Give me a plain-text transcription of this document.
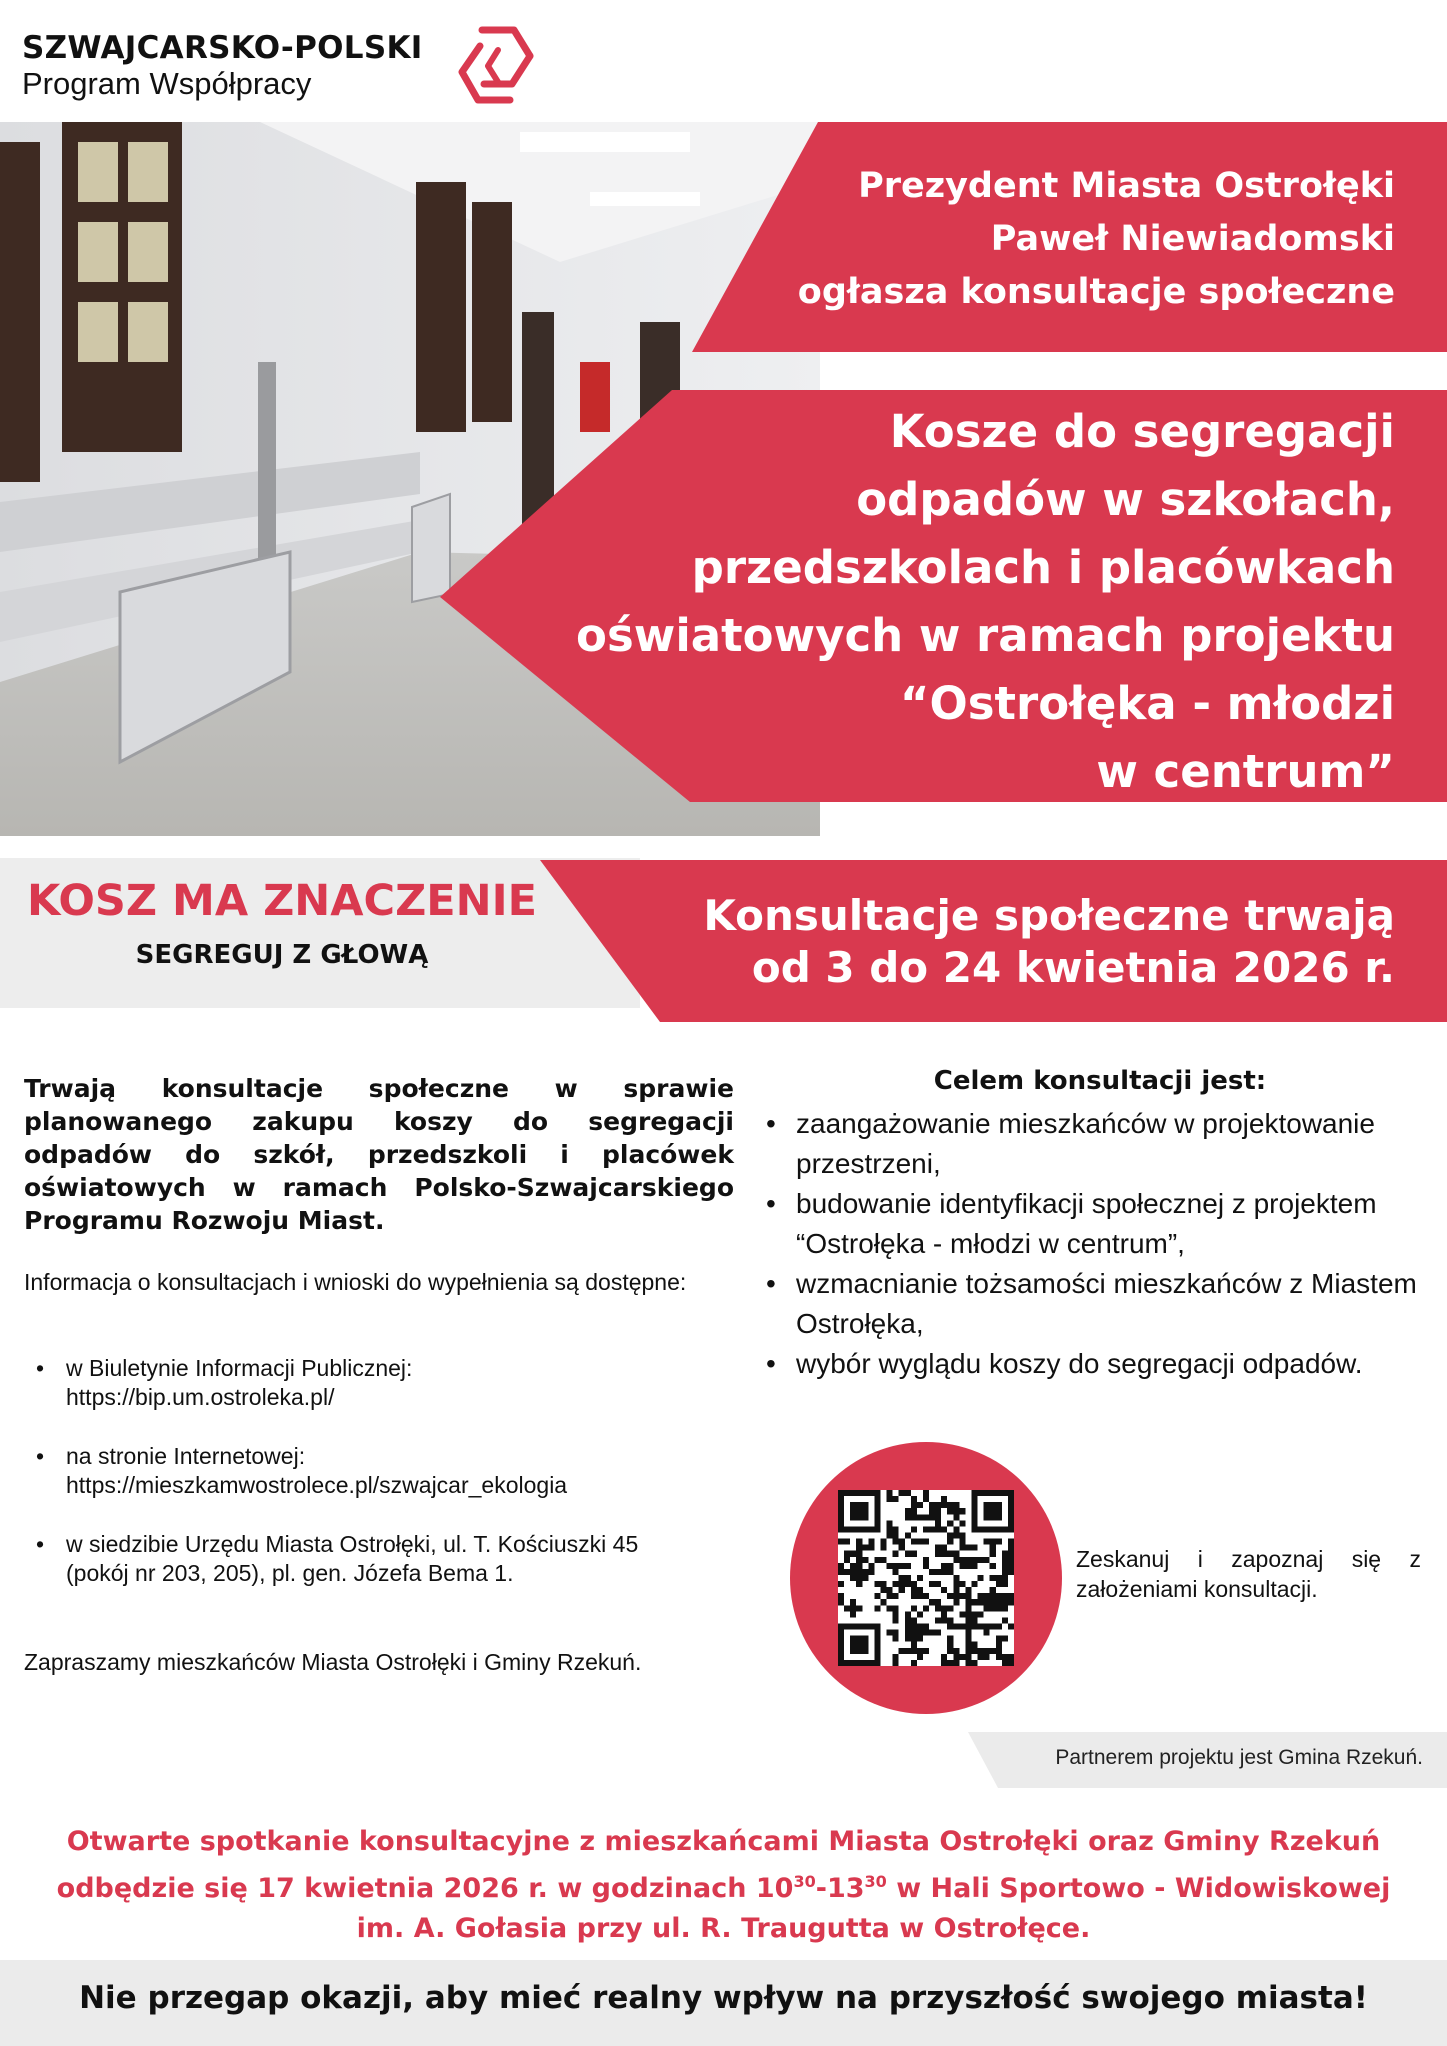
SZWAJCARSKO-POLSKI
Program Współpracy
Prezydent Miasta Ostrołęki
Paweł Niewiadomski
ogłasza konsultacje społeczne
Kosze do segregacji
odpadów w szkołach,
przedszkolach i placówkach
oświatowych w ramach projektu
“Ostrołęka - młodzi
w centrum”
KOSZ MA ZNACZENIE
SEGREGUJ Z GŁOWĄ
Konsultacje społeczne trwają
od 3 do 24 kwietnia 2026 r.
Trwają konsultacje społeczne w sprawie planowanego zakupu koszy do segregacji odpadów do szkół, przedszkoli i placówek oświatowych w ramach Polsko-Szwajcarskiego Programu Rozwoju Miast.
Informacja o konsultacjach i wnioski do wypełnienia są dostępne:
• w Biuletynie Informacji Publicznej:
https://bip.um.ostroleka.pl/
• na stronie Internetowej:
https://mieszkamwostrolece.pl/szwajcar_ekologia
• w siedzibie Urzędu Miasta Ostrołęki, ul. T. Kościuszki 45
(pokój nr 203, 205), pl. gen. Józefa Bema 1.
Zapraszamy mieszkańców Miasta Ostrołęki i Gminy Rzekuń.
Celem konsultacji jest:
• zaangażowanie mieszkańców w projektowanie przestrzeni,
• budowanie identyfikacji społecznej z projektem “Ostrołęka - młodzi w centrum”,
• wzmacnianie tożsamości mieszkańców z Miastem Ostrołęka,
• wybór wyglądu koszy do segregacji odpadów.
Zeskanuj i zapoznaj się z założeniami konsultacji.
Partnerem projektu jest Gmina Rzekuń.
Otwarte spotkanie konsultacyjne z mieszkańcami Miasta Ostrołęki oraz Gminy Rzekuń
odbędzie się 17 kwietnia 2026 r. w godzinach $10^{30}-13^{30}$ w Hali Sportowo - Widowiskowej
im. A. Gołasia przy ul. R. Traugutta w Ostrołęce.
Nie przegap okazji, aby mieć realny wpływ na przyszłość swojego miasta!
